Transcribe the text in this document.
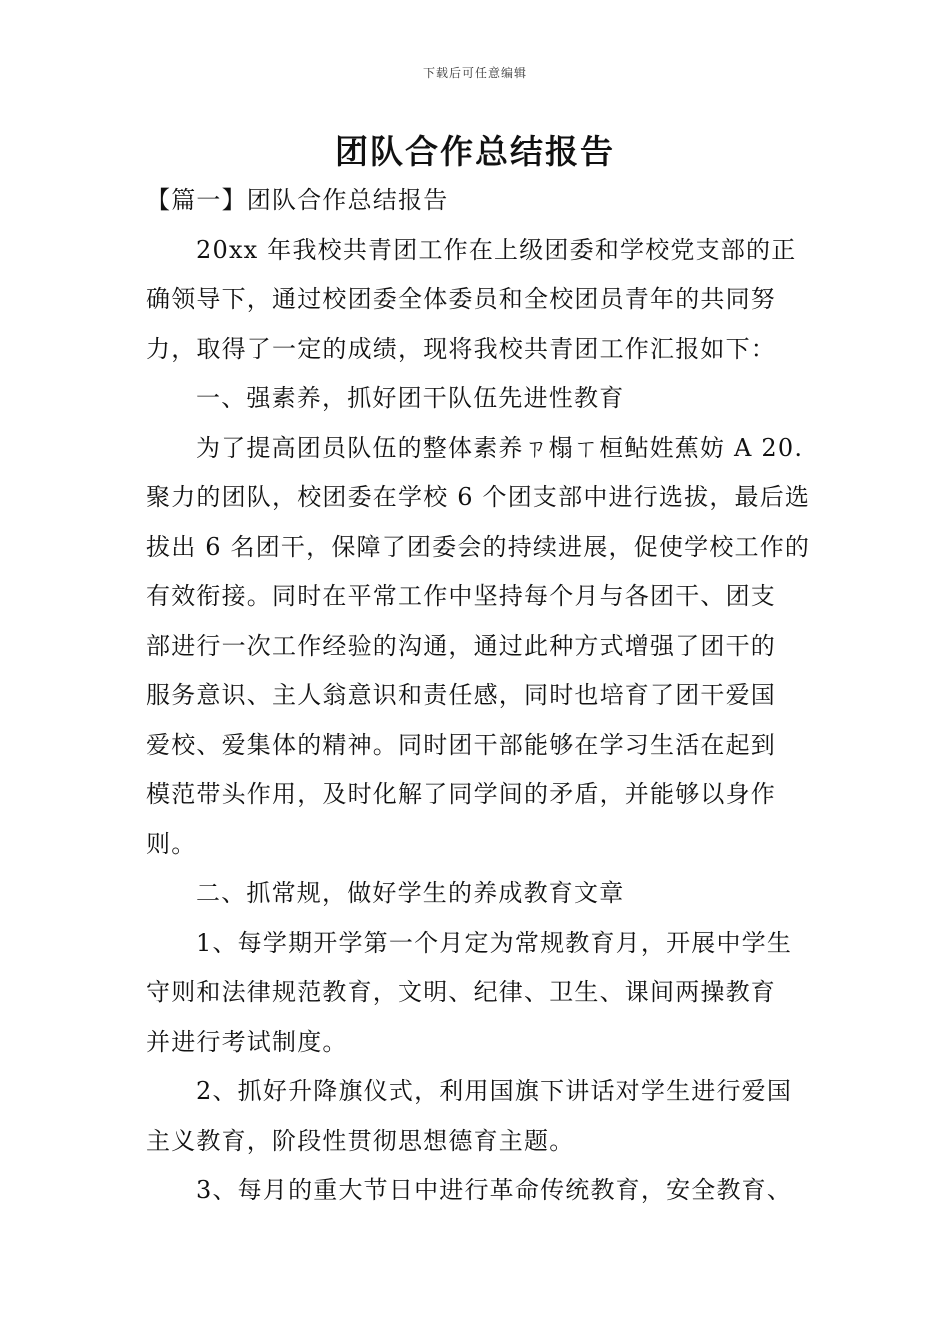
下载后可任意编辑
团队合作总结报告
【篇一】团队合作总结报告
20xx 年我校共青团工作在上级团委和学校党支部的正
确领导下，通过校团委全体委员和全校团员青年的共同努
力，取得了一定的成绩，现将我校共青团工作汇报如下：
一、强素养，抓好团干队伍先进性教育
为了提高团员队伍的整体素养ㄗ榻ㄒ桓鲇姓蕉妨 A 20.
聚力的团队，校团委在学校 6 个团支部中进行选拔，最后选
拔出 6 名团干，保障了团委会的持续进展，促使学校工作的
有效衔接。同时在平常工作中坚持每个月与各团干、团支
部进行一次工作经验的沟通，通过此种方式增强了团干的
服务意识、主人翁意识和责任感，同时也培育了团干爱国
爱校、爱集体的精神。同时团干部能够在学习生活在起到
模范带头作用，及时化解了同学间的矛盾，并能够以身作
则。
二、抓常规，做好学生的养成教育文章
1、每学期开学第一个月定为常规教育月，开展中学生
守则和法律规范教育，文明、纪律、卫生、课间两操教育
并进行考试制度。
2、抓好升降旗仪式，利用国旗下讲话对学生进行爱国
主义教育，阶段性贯彻思想德育主题。
3、每月的重大节日中进行革命传统教育，安全教育、
